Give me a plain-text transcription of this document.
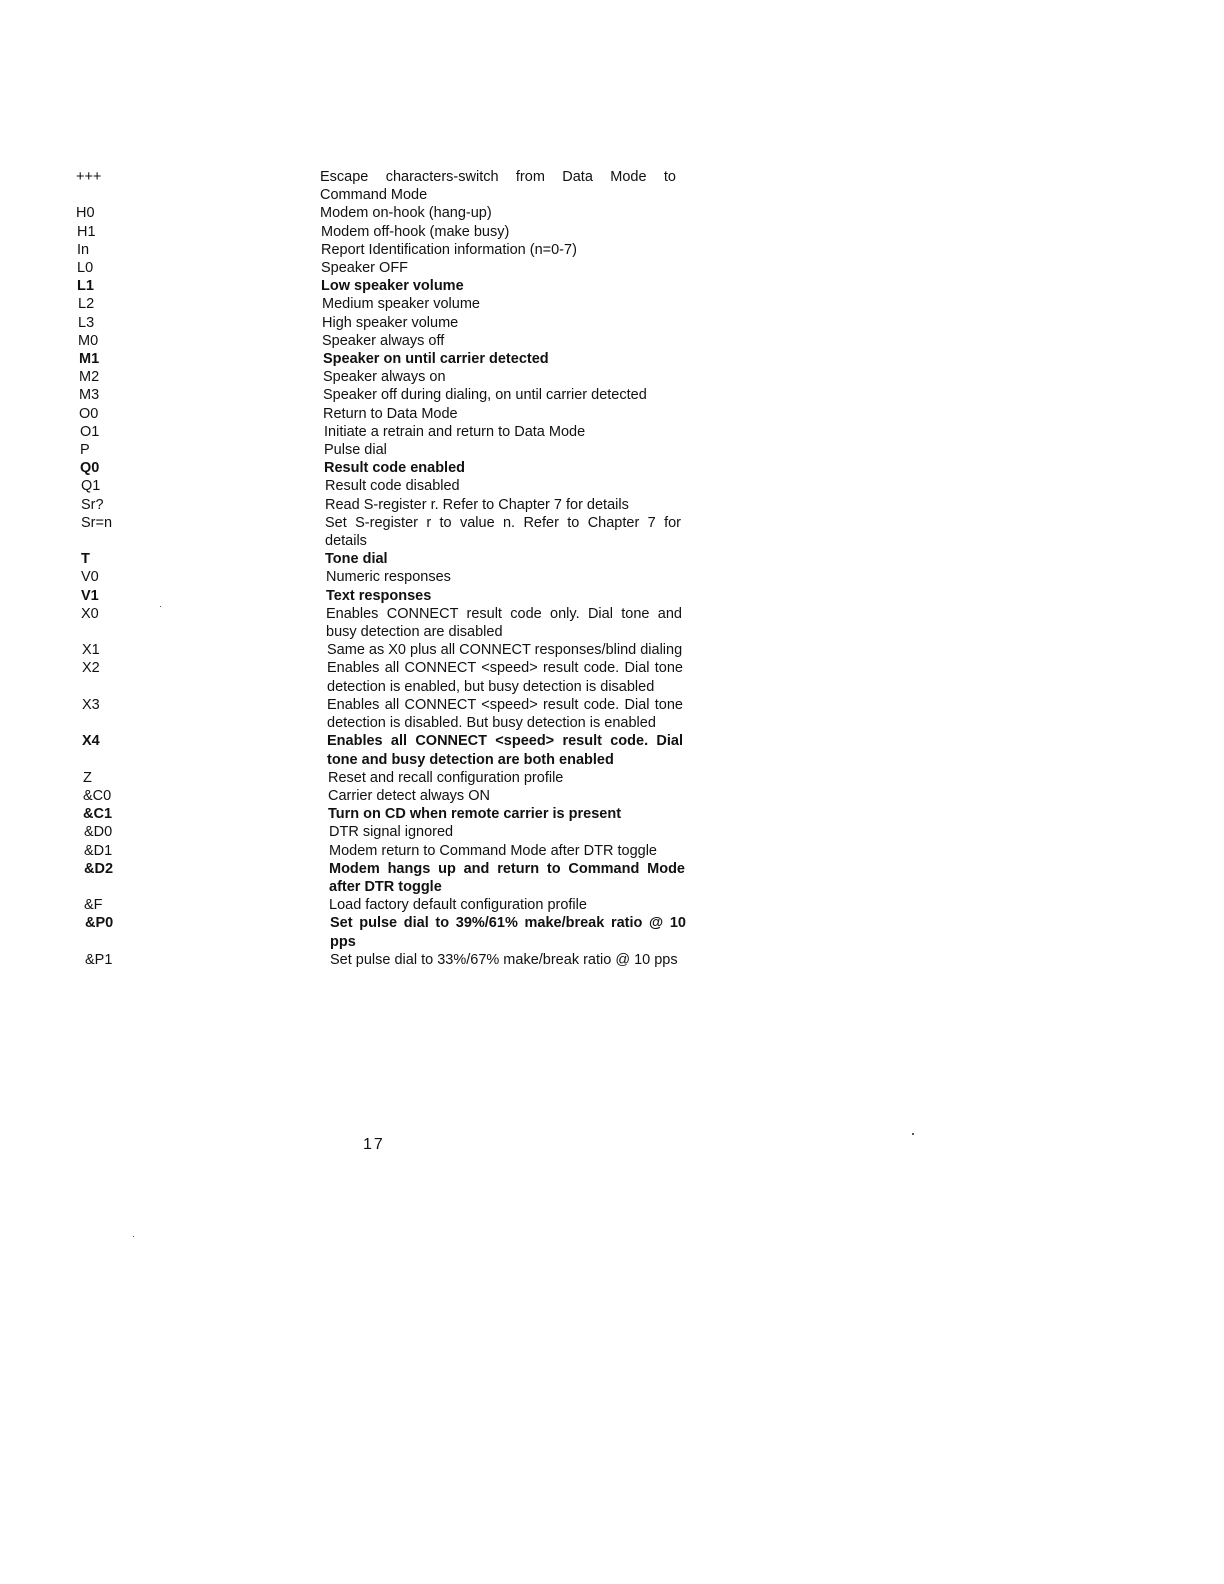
+++	Escape characters-switch from Data Mode to Command Mode
H0	Modem on-hook (hang-up)
H1	Modem off-hook (make busy)
In	Report Identification information (n=0-7)
L0	Speaker OFF
L1	Low speaker volume
L2	Medium speaker volume
L3	High speaker volume
M0	Speaker always off
M1	Speaker on until carrier detected
M2	Speaker always on
M3	Speaker off during dialing, on until carrier detected
O0	Return to Data Mode
O1	Initiate a retrain and return to Data Mode
P	Pulse dial
Q0	Result code enabled
Q1	Result code disabled
Sr?	Read S-register r. Refer to Chapter 7 for details
Sr=n	Set S-register r to value n. Refer to Chapter 7 for details
T	Tone dial
V0	Numeric responses
V1	Text responses
X0	Enables CONNECT result code only. Dial tone and busy detection are disabled
X1	Same as X0 plus all CONNECT responses/blind dialing
X2	Enables all CONNECT <speed> result code. Dial tone detection is enabled, but busy detection is disabled
X3	Enables all CONNECT <speed> result code. Dial tone detection is disabled. But busy detection is enabled
X4	Enables all CONNECT <speed> result code. Dial tone and busy detection are both enabled
Z	Reset and recall configuration profile
&C0	Carrier detect always ON
&C1	Turn on CD when remote carrier is present
&D0	DTR signal ignored
&D1	Modem return to Command Mode after DTR toggle
&D2	Modem hangs up and return to Command Mode after DTR toggle
&F	Load factory default configuration profile
&P0	Set pulse dial to 39%/61% make/break ratio @ 10 pps
&P1	Set pulse dial to 33%/67% make/break ratio @ 10 pps
17
